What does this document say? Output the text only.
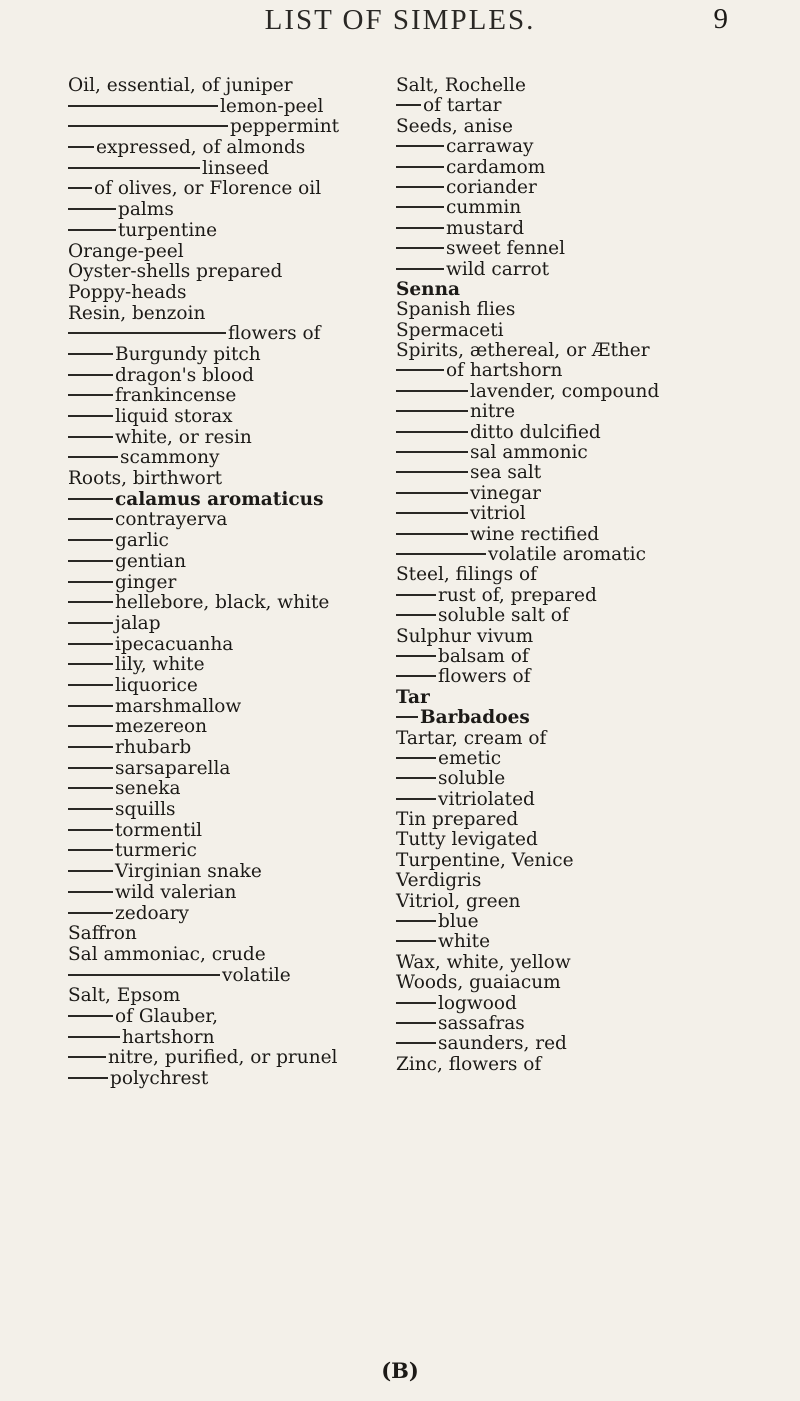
LIST OF SIMPLES.	9
Oil, essential, of juniper
lemon-peel
peppermint
expressed, of almonds
linseed
of olives, or Florence oil
palms
turpentine
Orange-peel
Oyster-shells prepared
Poppy-heads
Resin, benzoin
flowers of
Burgundy pitch
dragon's blood
frankincense
liquid storax
white, or resin
scammony
Roots, birthwort
calamus aromaticus
contrayerva
garlic
gentian
ginger
hellebore, black, white
jalap
ipecacuanha
lily, white
liquorice
marshmallow
mezereon
rhubarb
sarsaparella
seneka
squills
tormentil
turmeric
Virginian snake
wild valerian
zedoary
Saffron
Sal ammoniac, crude
volatile
Salt, Epsom
of Glauber,
hartshorn
nitre, purified, or prunel
polychrest
Salt, Rochelle
of tartar
Seeds, anise
carraway
cardamom
coriander
cummin
mustard
sweet fennel
wild carrot
Senna
Spanish flies
Spermaceti
Spirits, æthereal, or Æther
of hartshorn
lavender, compound
nitre
ditto dulcified
sal ammonic
sea salt
vinegar
vitriol
wine rectified
volatile aromatic
Steel, filings of
rust of, prepared
soluble salt of
Sulphur vivum
balsam of
flowers of
Tar
Barbadoes
Tartar, cream of
emetic
soluble
vitriolated
Tin prepared
Tutty levigated
Turpentine, Venice
Verdigris
Vitriol, green
blue
white
Wax, white, yellow
Woods, guaiacum
logwood
sassafras
saunders, red
Zinc, flowers of
(B)
